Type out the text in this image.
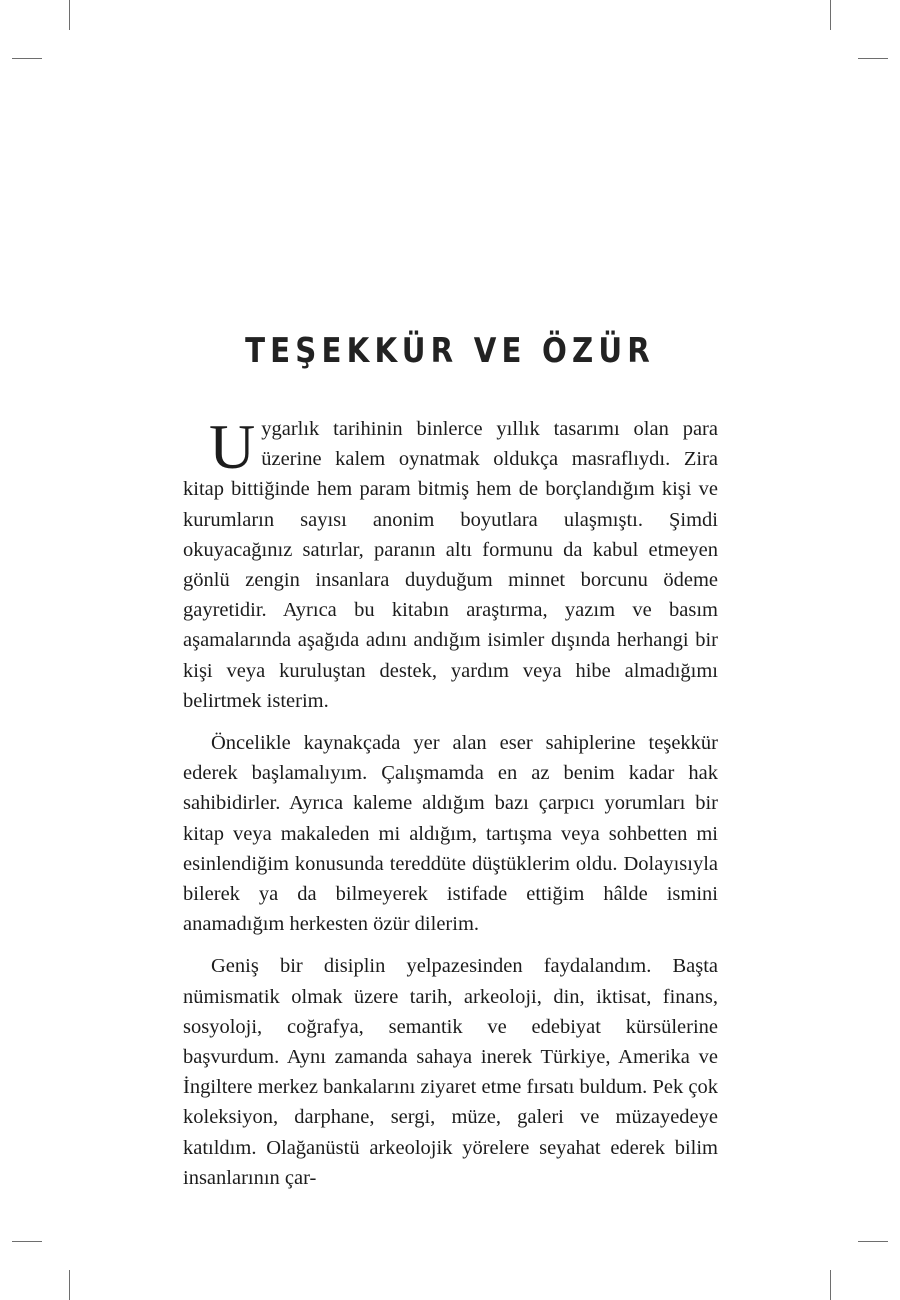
TEŞEKKÜR VE ÖZÜR

Uygarlık tarihinin binlerce yıllık tasarımı olan para üzerine kalem oynatmak oldukça masraflıydı. Zira kitap bittiğinde hem param bitmiş hem de borçlandığım kişi ve kurumların sayısı anonim boyutlara ulaşmıştı. Şimdi okuyacağınız satırlar, paranın altı formunu da kabul etmeyen gönlü zengin insanlara duyduğum minnet borcunu ödeme gayretidir. Ayrıca bu kitabın araştırma, yazım ve basım aşamalarında aşağıda adını andığım isimler dışında herhangi bir kişi veya kuruluştan destek, yardım veya hibe almadığımı belirtmek isterim.

Öncelikle kaynakçada yer alan eser sahiplerine teşekkür ederek başlamalıyım. Çalışmamda en az benim kadar hak sahibidirler. Ayrıca kaleme aldığım bazı çarpıcı yorumları bir kitap veya makaleden mi aldığım, tartışma veya sohbetten mi esinlendiğim konusunda tereddüte düştüklerim oldu. Dolayısıyla bilerek ya da bilmeyerek istifade ettiğim hâlde ismini anamadığım herkesten özür dilerim.

Geniş bir disiplin yelpazesinden faydalandım. Başta nümismatik olmak üzere tarih, arkeoloji, din, iktisat, finans, sosyoloji, coğrafya, semantik ve edebiyat kürsülerine başvurdum. Aynı zamanda sahaya inerek Türkiye, Amerika ve İngiltere merkez bankalarını ziyaret etme fırsatı buldum. Pek çok koleksiyon, darphane, sergi, müze, galeri ve müzayedeye katıldım. Olağanüstü arkeolojik yörelere seyahat ederek bilim insanlarının çar-
